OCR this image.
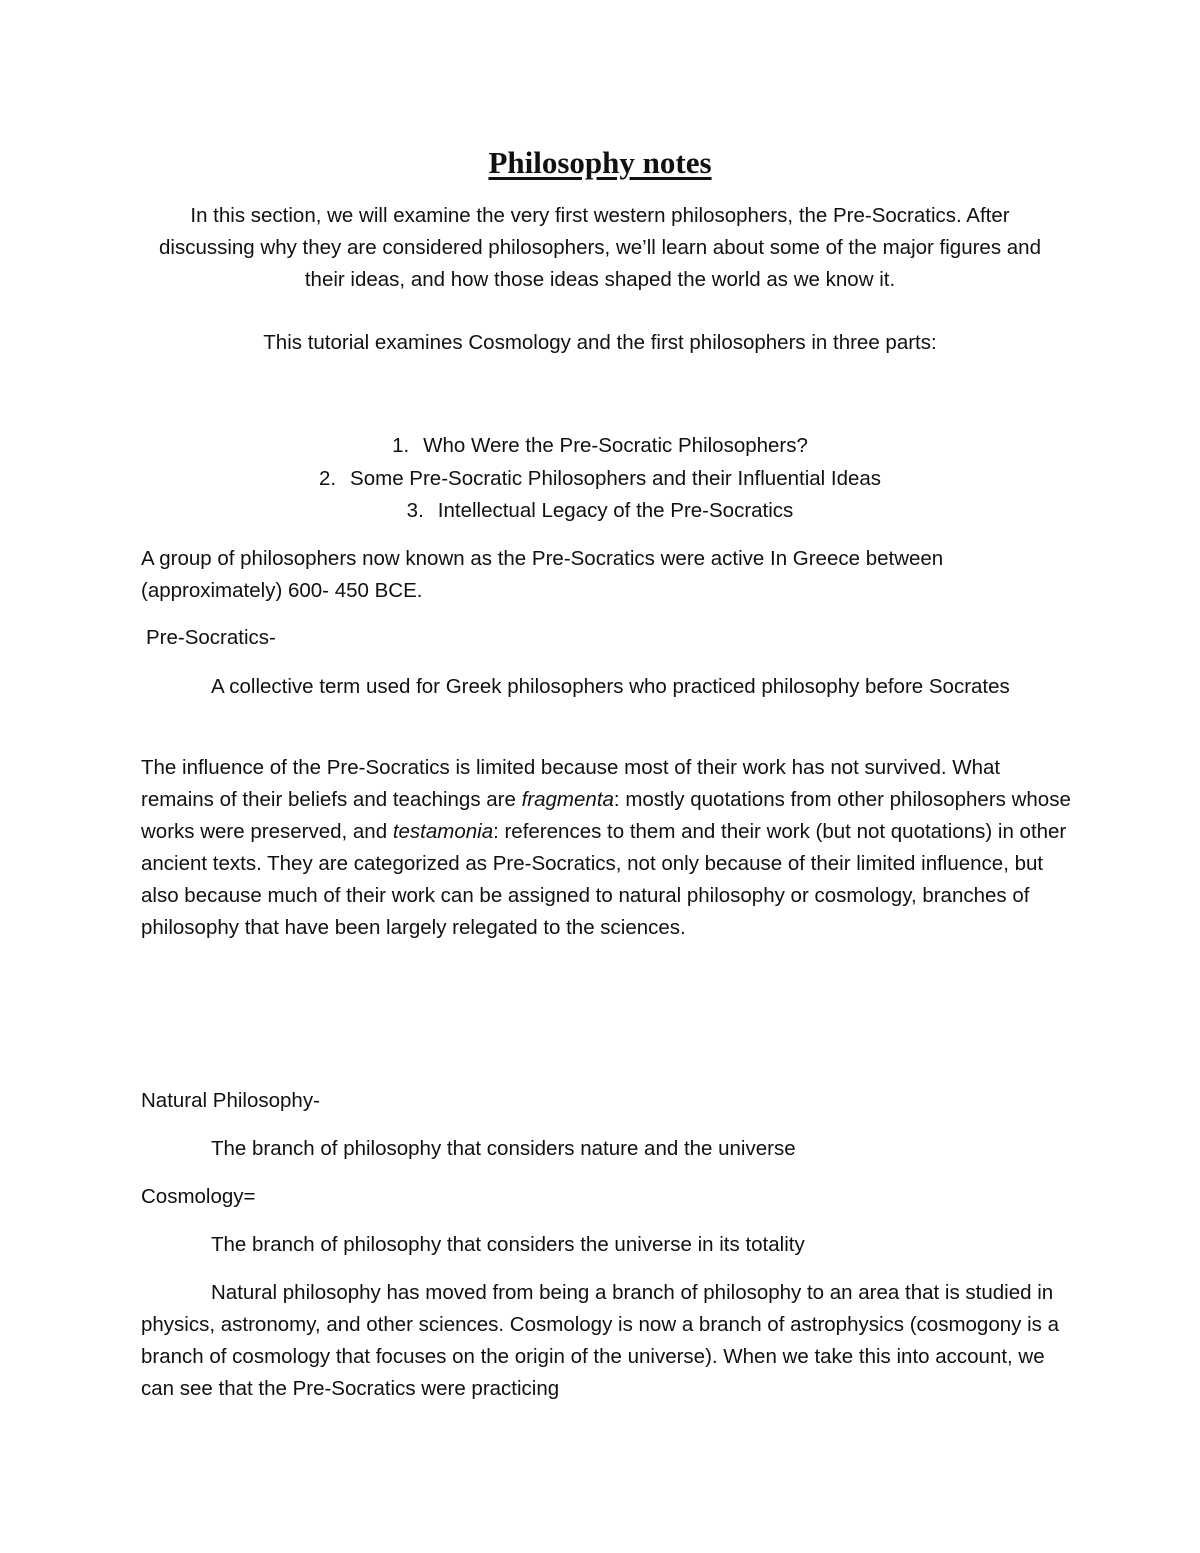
Philosophy notes
In this section, we will examine the very first western philosophers, the Pre-Socratics. After discussing why they are considered philosophers, we’ll learn about some of the major figures and their ideas, and how those ideas shaped the world as we know it.
This tutorial examines Cosmology and the first philosophers in three parts:
1. Who Were the Pre-Socratic Philosophers?
2. Some Pre-Socratic Philosophers and their Influential Ideas
3. Intellectual Legacy of the Pre-Socratics
A group of philosophers now known as the Pre-Socratics were active In Greece between (approximately) 600- 450 BCE.
Pre-Socratics-
A collective term used for Greek philosophers who practiced philosophy before Socrates
The influence of the Pre-Socratics is limited because most of their work has not survived. What remains of their beliefs and teachings are fragmenta: mostly quotations from other philosophers whose works were preserved, and testamonia: references to them and their work (but not quotations) in other ancient texts. They are categorized as Pre-Socratics, not only because of their limited influence, but also because much of their work can be assigned to natural philosophy or cosmology, branches of philosophy that have been largely relegated to the sciences.
Natural Philosophy-
The branch of philosophy that considers nature and the universe
Cosmology=
The branch of philosophy that considers the universe in its totality
Natural philosophy has moved from being a branch of philosophy to an area that is studied in physics, astronomy, and other sciences. Cosmology is now a branch of astrophysics (cosmogony is a branch of cosmology that focuses on the origin of the universe). When we take this into account, we can see that the Pre-Socratics were practicing
